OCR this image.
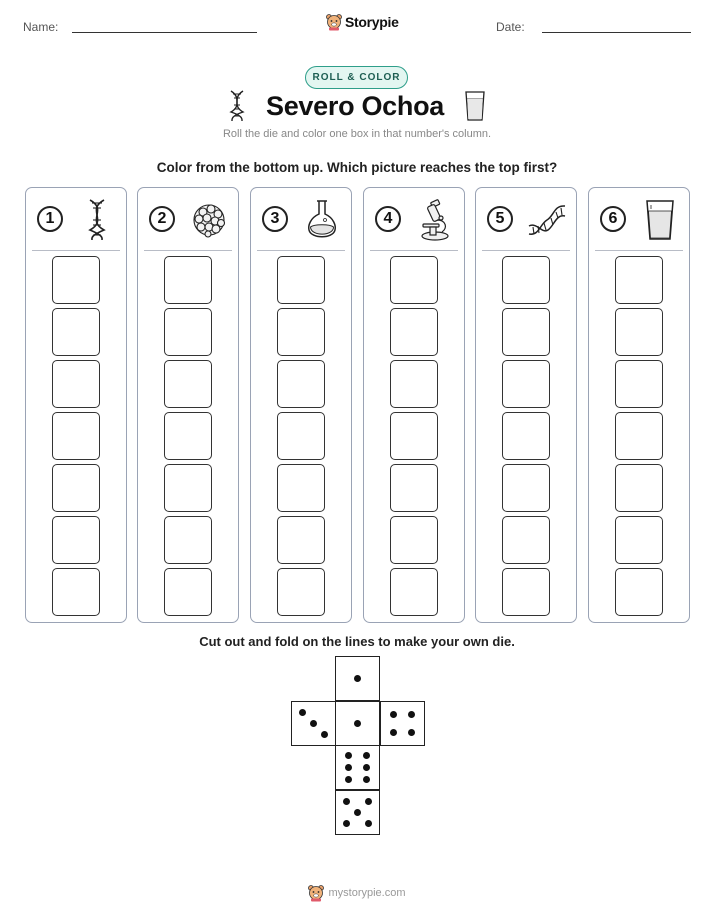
Name:	Storypie	Date:
ROLL & COLOR
Severo Ochoa
Roll the die and color one box in that number's column.
Color from the bottom up. Which picture reaches the top first?
1	2	3	4	5	6
Cut out and fold on the lines to make your own die.
mystorypie.com
